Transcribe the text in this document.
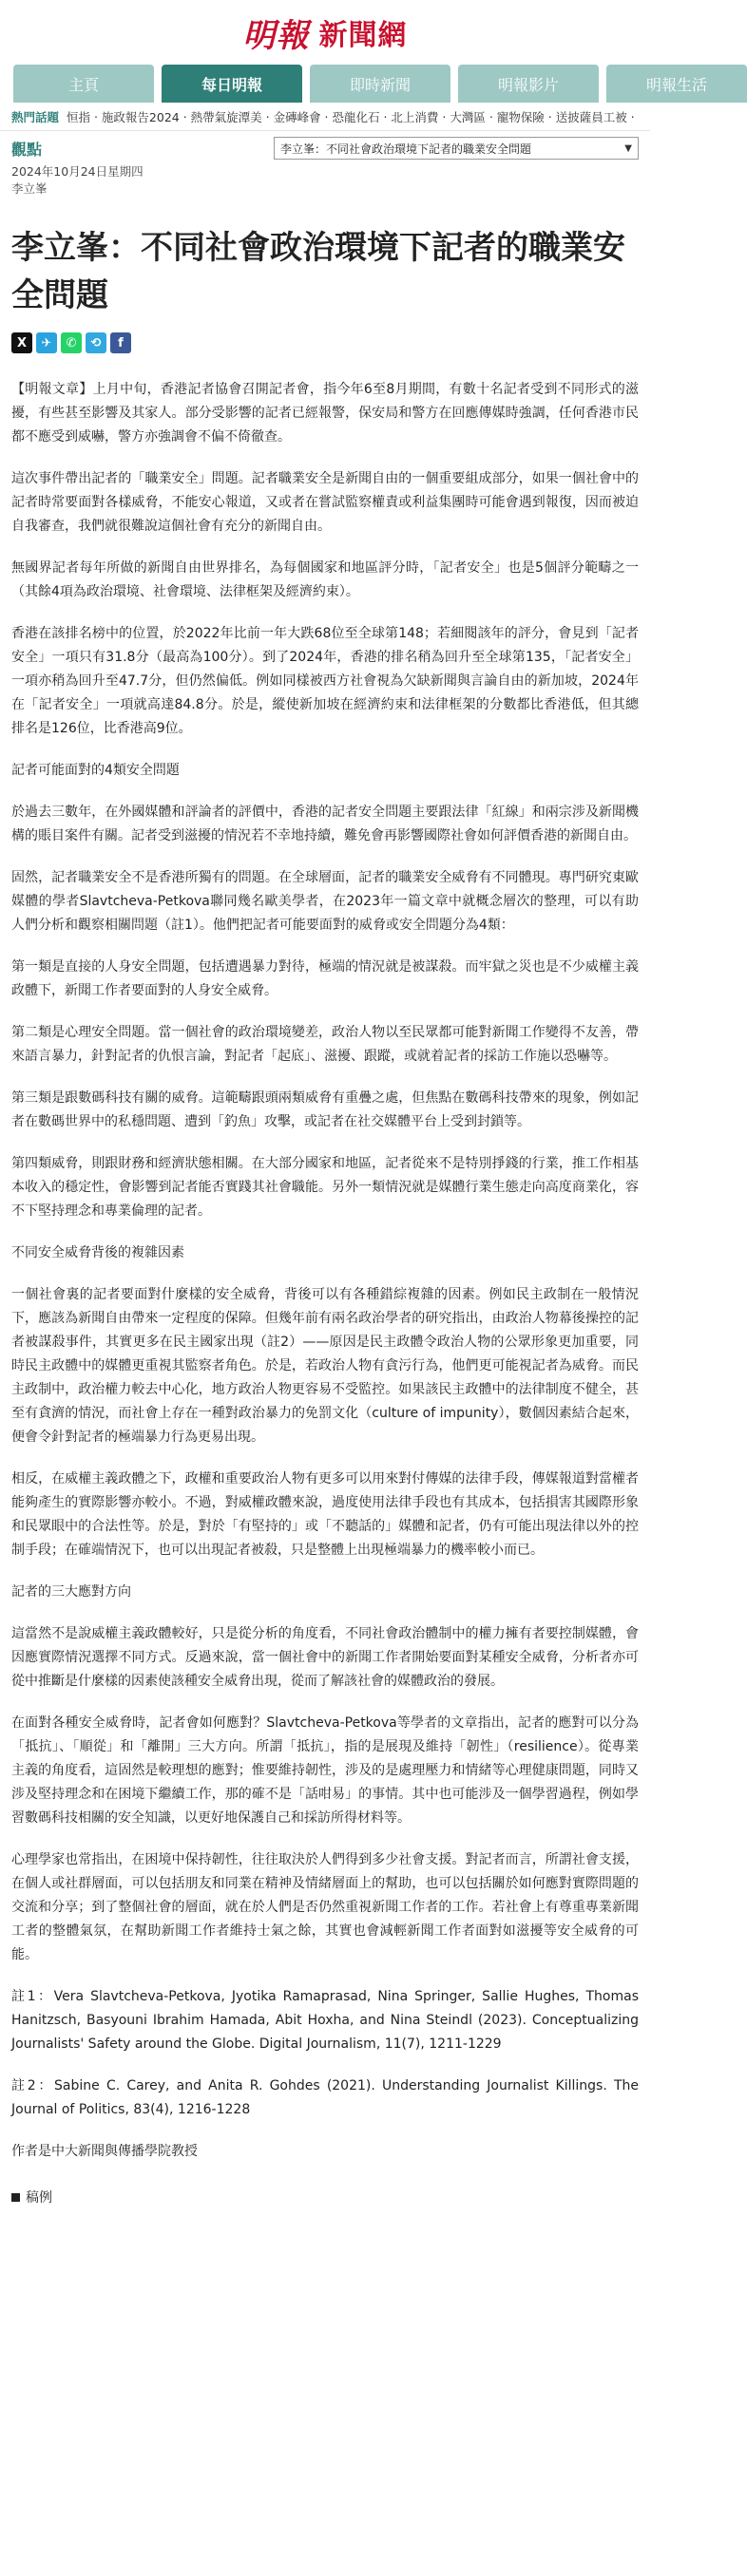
明報 新聞網
主頁	每日明報	即時新聞	明報影片	明報生活
熱門話題 恒指 ‧ 施政報告2024 ‧ 熱帶氣旋潭美 ‧ 金磚峰會 ‧ 恐龍化石 ‧ 北上消費 ‧ 大灣區 ‧ 寵物保險 ‧ 送披薩員工被 ‧
觀點	李立峯：不同社會政治環境下記者的職業安全問題	▼
2024年10月24日星期四
李立峯
李立峯：不同社會政治環境下記者的職業安全問題
X	✈	✆	⟲	f

【明報文章】上月中旬，香港記者協會召開記者會，指今年6至8月期間，有數十名記者受到不同形式的滋擾，有些甚至影響及其家人。部分受影響的記者已經報警，保安局和警方在回應傳媒時強調，任何香港市民都不應受到威嚇，警方亦強調會不偏不倚徹查。

這次事件帶出記者的「職業安全」問題。記者職業安全是新聞自由的一個重要組成部分，如果一個社會中的記者時常要面對各樣威脅，不能安心報道，又或者在嘗試監察權責或利益集團時可能會遇到報復，因而被迫自我審查，我們就很難說這個社會有充分的新聞自由。

無國界記者每年所做的新聞自由世界排名，為每個國家和地區評分時，「記者安全」也是5個評分範疇之一（其餘4項為政治環境、社會環境、法律框架及經濟約束）。

香港在該排名榜中的位置，於2022年比前一年大跌68位至全球第148；若細閱該年的評分，會見到「記者安全」一項只有31.8分（最高為100分）。到了2024年，香港的排名稍為回升至全球第135，「記者安全」一項亦稍為回升至47.7分，但仍然偏低。例如同樣被西方社會視為欠缺新聞與言論自由的新加坡，2024年在「記者安全」一項就高達84.8分。於是，縱使新加坡在經濟約束和法律框架的分數都比香港低，但其總排名是126位，比香港高9位。

記者可能面對的4類安全問題

於過去三數年，在外國媒體和評論者的評價中，香港的記者安全問題主要跟法律「紅線」和兩宗涉及新聞機構的賬目案件有關。記者受到滋擾的情況若不幸地持續，難免會再影響國際社會如何評價香港的新聞自由。

固然，記者職業安全不是香港所獨有的問題。在全球層面，記者的職業安全威脅有不同體現。專門研究東歐媒體的學者Slavtcheva-Petkova聯同幾名歐美學者，在2023年一篇文章中就概念層次的整理，可以有助人們分析和觀察相關問題（註1）。他們把記者可能要面對的威脅或安全問題分為4類：

第一類是直接的人身安全問題，包括遭遇暴力對待，極端的情況就是被謀殺。而牢獄之災也是不少威權主義政體下，新聞工作者要面對的人身安全威脅。

第二類是心理安全問題。當一個社會的政治環境變差，政治人物以至民眾都可能對新聞工作變得不友善，帶來語言暴力，針對記者的仇恨言論，對記者「起底」、滋擾、跟蹤，或就着記者的採訪工作施以恐嚇等。

第三類是跟數碼科技有關的威脅。這範疇跟頭兩類威脅有重疊之處，但焦點在數碼科技帶來的現象，例如記者在數碼世界中的私穩問題、遭到「釣魚」攻擊，或記者在社交媒體平台上受到封鎖等。

第四類威脅，則跟財務和經濟狀態相關。在大部分國家和地區，記者從來不是特別掙錢的行業，推工作相基本收入的穩定性，會影響到記者能否實踐其社會職能。另外一類情況就是媒體行業生態走向高度商業化，容不下堅持理念和專業倫理的記者。

不同安全威脅背後的複雜因素

一個社會裏的記者要面對什麼樣的安全威脅，背後可以有各種錯綜複雜的因素。例如民主政制在一般情況下，應該為新聞自由帶來一定程度的保障。但幾年前有兩名政治學者的研究指出，由政治人物幕後操控的記者被謀殺事件，其實更多在民主國家出現（註2）——原因是民主政體令政治人物的公眾形象更加重要，同時民主政體中的媒體更重視其監察者角色。於是，若政治人物有貪污行為，他們更可能視記者為威脅。而民主政制中，政治權力較去中心化，地方政治人物更容易不受監控。如果該民主政體中的法律制度不健全，甚至有貪濟的情況，而社會上存在一種對政治暴力的免罰文化（culture of impunity），數個因素結合起來，便會令針對記者的極端暴力行為更易出現。

相反，在威權主義政體之下，政權和重要政治人物有更多可以用來對付傳媒的法律手段，傳媒報道對當權者能夠產生的實際影響亦較小。不過，對威權政體來說，過度使用法律手段也有其成本，包括損害其國際形象和民眾眼中的合法性等。於是，對於「有堅持的」或「不聽話的」媒體和記者，仍有可能出現法律以外的控制手段；在確端情況下，也可以出現記者被殺，只是整體上出現極端暴力的機率較小而已。

記者的三大應對方向

這當然不是說威權主義政體較好，只是從分析的角度看，不同社會政治體制中的權力擁有者要控制媒體，會因應實際情況選擇不同方式。反過來說，當一個社會中的新聞工作者開始要面對某種安全威脅，分析者亦可從中推斷是什麼樣的因素使該種安全威脅出現，從而了解該社會的媒體政治的發展。

在面對各種安全威脅時，記者會如何應對？Slavtcheva-Petkova等學者的文章指出，記者的應對可以分為「抵抗」、「順從」和「離開」三大方向。所謂「抵抗」，指的是展現及維持「韌性」（resilience）。從專業主義的角度看，這固然是較理想的應對；惟要維持韌性，涉及的是處理壓力和情緒等心理健康問題，同時又涉及堅持理念和在困境下繼續工作，那的確不是「話咁易」的事情。其中也可能涉及一個學習過程，例如學習數碼科技相關的安全知識，以更好地保護自己和採訪所得材料等。

心理學家也常指出，在困境中保持韌性，往往取決於人們得到多少社會支援。對記者而言，所謂社會支援，在個人或社群層面，可以包括朋友和同業在精神及情緒層面上的幫助，也可以包括關於如何應對實際問題的交流和分享；到了整個社會的層面，就在於人們是否仍然重視新聞工作者的工作。若社會上有尊重專業新聞工者的整體氣氛，在幫助新聞工作者維持士氣之餘，其實也會減輕新聞工作者面對如滋擾等安全威脅的可能。

註1：Vera Slavtcheva-Petkova, Jyotika Ramaprasad, Nina Springer, Sallie Hughes, Thomas Hanitzsch, Basyouni Ibrahim Hamada, Abit Hoxha, and Nina Steindl (2023). Conceptualizing Journalists' Safety around the Globe. Digital Journalism, 11(7), 1211-1229

註2：Sabine C. Carey, and Anita R. Gohdes (2021). Understanding Journalist Killings. The Journal of Politics, 83(4), 1216-1228

作者是中大新聞與傳播學院教授

稿例
